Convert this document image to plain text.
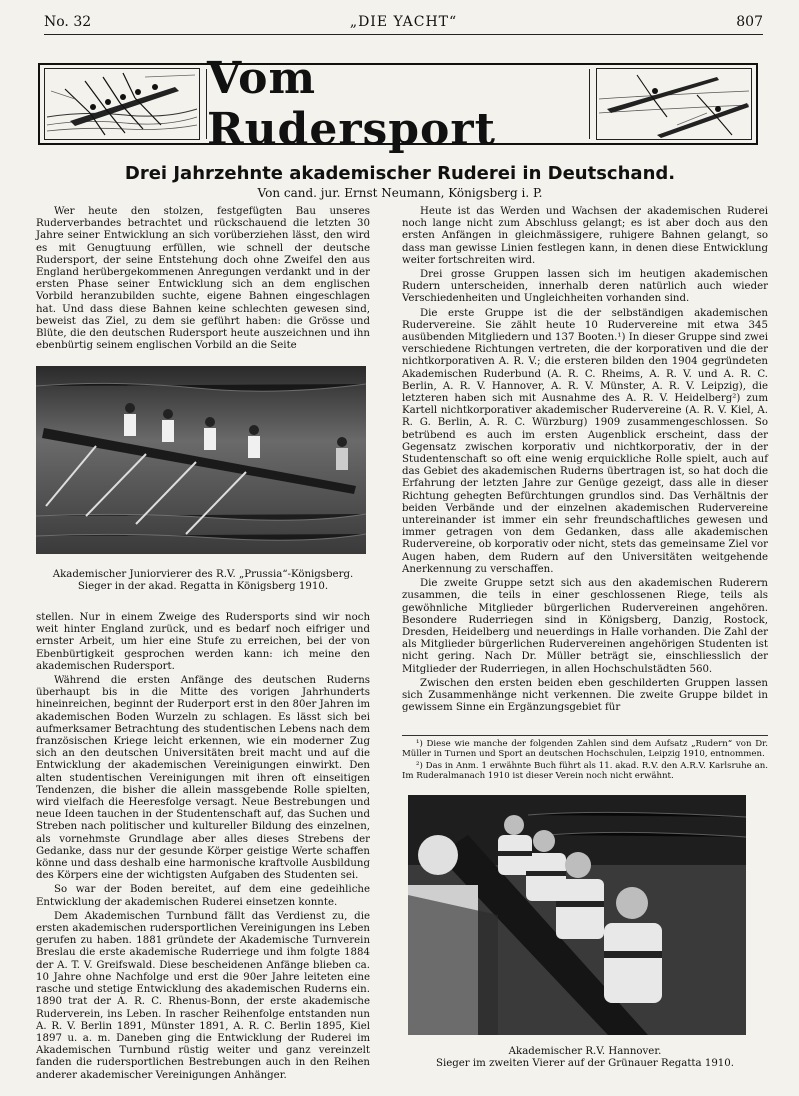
No. 32	„DIE YACHT“	807
Vom Rudersport
Drei Jahrzehnte akademischer Ruderei in Deutschand.
Von cand. jur. Ernst Neumann, Königsberg i. P.

Wer heute den stolzen, festgefügten Bau unseres Ruderverbandes betrachtet und rückschauend die letzten 30 Jahre seiner Entwicklung an sich vorüberziehen lässt, den wird es mit Genugtuung erfüllen, wie schnell der deutsche Rudersport, der seine Entstehung doch ohne Zweifel den aus England herübergekommenen Anregungen verdankt und in der ersten Phase seiner Entwicklung sich an dem englischen Vorbild heranzubilden suchte, eigene Bahnen eingeschlagen hat. Und dass diese Bahnen keine schlechten gewesen sind, beweist das Ziel, zu dem sie geführt haben: die Grösse und Blüte, die den deutschen Rudersport heute auszeichnen und ihn ebenbürtig seinem englischen Vorbild an die Seite

Akademischer Juniorvierer des R.V. „Prussia“-Königsberg.
Sieger in der akad. Regatta in Königsberg 1910.

stellen. Nur in einem Zweige des Rudersports sind wir noch weit hinter England zurück, und es bedarf noch eifriger und ernster Arbeit, um hier eine Stufe zu erreichen, bei der von Ebenbürtigkeit gesprochen werden kann: ich meine den akademischen Rudersport.

Während die ersten Anfänge des deutschen Ruderns überhaupt bis in die Mitte des vorigen Jahrhunderts hineinreichen, beginnt der Ruderport erst in den 80er Jahren im akademischen Boden Wurzeln zu schlagen. Es lässt sich bei aufmerksamer Betrachtung des studentischen Lebens nach dem französischen Kriege leicht erkennen, wie ein moderner Zug sich an den deutschen Universitäten breit macht und auf die Entwicklung der akademischen Vereinigungen einwirkt. Den alten studentischen Vereinigungen mit ihren oft einseitigen Tendenzen, die bisher die allein massgebende Rolle spielten, wird vielfach die Heeresfolge versagt. Neue Bestrebungen und neue Ideen tauchen in der Studentenschaft auf, das Suchen und Streben nach politischer und kultureller Bildung des einzelnen, als vornehmste Grundlage aber alles dieses Strebens der Gedanke, dass nur der gesunde Körper geistige Werte schaffen könne und dass deshalb eine harmonische kraftvolle Ausbildung des Körpers eine der wichtigsten Aufgaben des Studenten sei.

So war der Boden bereitet, auf dem eine gedeihliche Entwicklung der akademischen Ruderei einsetzen konnte.

Dem Akademischen Turnbund fällt das Verdienst zu, die ersten akademischen rudersportlichen Vereinigungen ins Leben gerufen zu haben. 1881 gründete der Akademische Turnverein Breslau die erste akademische Ruderriege und ihm folgte 1884 der A. T. V. Greifswald. Diese bescheidenen Anfänge blieben ca. 10 Jahre ohne Nachfolge und erst die 90er Jahre leiteten eine rasche und stetige Entwicklung des akademischen Ruderns ein. 1890 trat der A. R. C. Rhenus-Bonn, der erste akademische Ruderverein, ins Leben. In rascher Reihenfolge entstanden nun A. R. V. Berlin 1891, Münster 1891, A. R. C. Berlin 1895, Kiel 1897 u. a. m. Daneben ging die Entwicklung der Ruderei im Akademischen Turnbund rüstig weiter und ganz vereinzelt fanden die rudersportlichen Bestrebungen auch in den Reihen anderer akademischer Vereinigungen Anhänger.

Heute ist das Werden und Wachsen der akademischen Ruderei noch lange nicht zum Abschluss gelangt; es ist aber doch aus den ersten Anfängen in gleichmässigere, ruhigere Bahnen gelangt, so dass man gewisse Linien festlegen kann, in denen diese Entwicklung weiter fortschreiten wird.

Drei grosse Gruppen lassen sich im heutigen akademischen Rudern unterscheiden, innerhalb deren natürlich auch wieder Verschiedenheiten und Ungleichheiten vorhanden sind.

Die erste Gruppe ist die der selbständigen akademischen Rudervereine. Sie zählt heute 10 Rudervereine mit etwa 345 ausübenden Mitgliedern und 137 Booten.¹) In dieser Gruppe sind zwei verschiedene Richtungen vertreten, die der korporativen und die der nichtkorporativen A. R. V.; die ersteren bilden den 1904 gegründeten Akademischen Ruderbund (A. R. C. Rheims, A. R. V. und A. R. C. Berlin, A. R. V. Hannover, A. R. V. Münster, A. R. V. Leipzig), die letzteren haben sich mit Ausnahme des A. R. V. Heidelberg²) zum Kartell nichtkorporativer akademischer Rudervereine (A. R. V. Kiel, A. R. G. Berlin, A. R. C. Würzburg) 1909 zusammengeschlossen. So betrübend es auch im ersten Augenblick erscheint, dass der Gegensatz zwischen korporativ und nichtkorporativ, der in der Studentenschaft so oft eine wenig erquickliche Rolle spielt, auch auf das Gebiet des akademischen Ruderns übertragen ist, so hat doch die Erfahrung der letzten Jahre zur Genüge gezeigt, dass alle in dieser Richtung gehegten Befürchtungen grundlos sind. Das Verhältnis der beiden Verbände und der einzelnen akademischen Rudervereine untereinander ist immer ein sehr freundschaftliches gewesen und immer getragen von dem Gedanken, dass alle akademischen Rudervereine, ob korporativ oder nicht, stets das gemeinsame Ziel vor Augen haben, dem Rudern auf den Universitäten weitgehende Anerkennung zu verschaffen.

Die zweite Gruppe setzt sich aus den akademischen Ruderern zusammen, die teils in einer geschlossenen Riege, teils als gewöhnliche Mitglieder bürgerlichen Rudervereinen angehören. Besondere Ruderriegen sind in Königsberg, Danzig, Rostock, Dresden, Heidelberg und neuerdings in Halle vorhanden. Die Zahl der als Mitglieder bürgerlichen Rudervereinen angehörigen Studenten ist nicht gering. Nach Dr. Müller beträgt sie, einschliesslich der Mitglieder der Ruderriegen, in allen Hochschulstädten 560.

Zwischen den ersten beiden eben geschilderten Gruppen lassen sich Zusammenhänge nicht verkennen. Die zweite Gruppe bildet in gewissem Sinne ein Ergänzungsgebiet für

¹) Diese wie manche der folgenden Zahlen sind dem Aufsatz „Rudern“ von Dr. Müller in Turnen und Sport an deutschen Hochschulen, Leipzig 1910, entnommen.

²) Das in Anm. 1 erwähnte Buch führt als 11. akad. R.V. den A.R.V. Karlsruhe an. Im Ruderalmanach 1910 ist dieser Verein noch nicht erwähnt.

Akademischer R.V. Hannover.
Sieger im zweiten Vierer auf der Grünauer Regatta 1910.
